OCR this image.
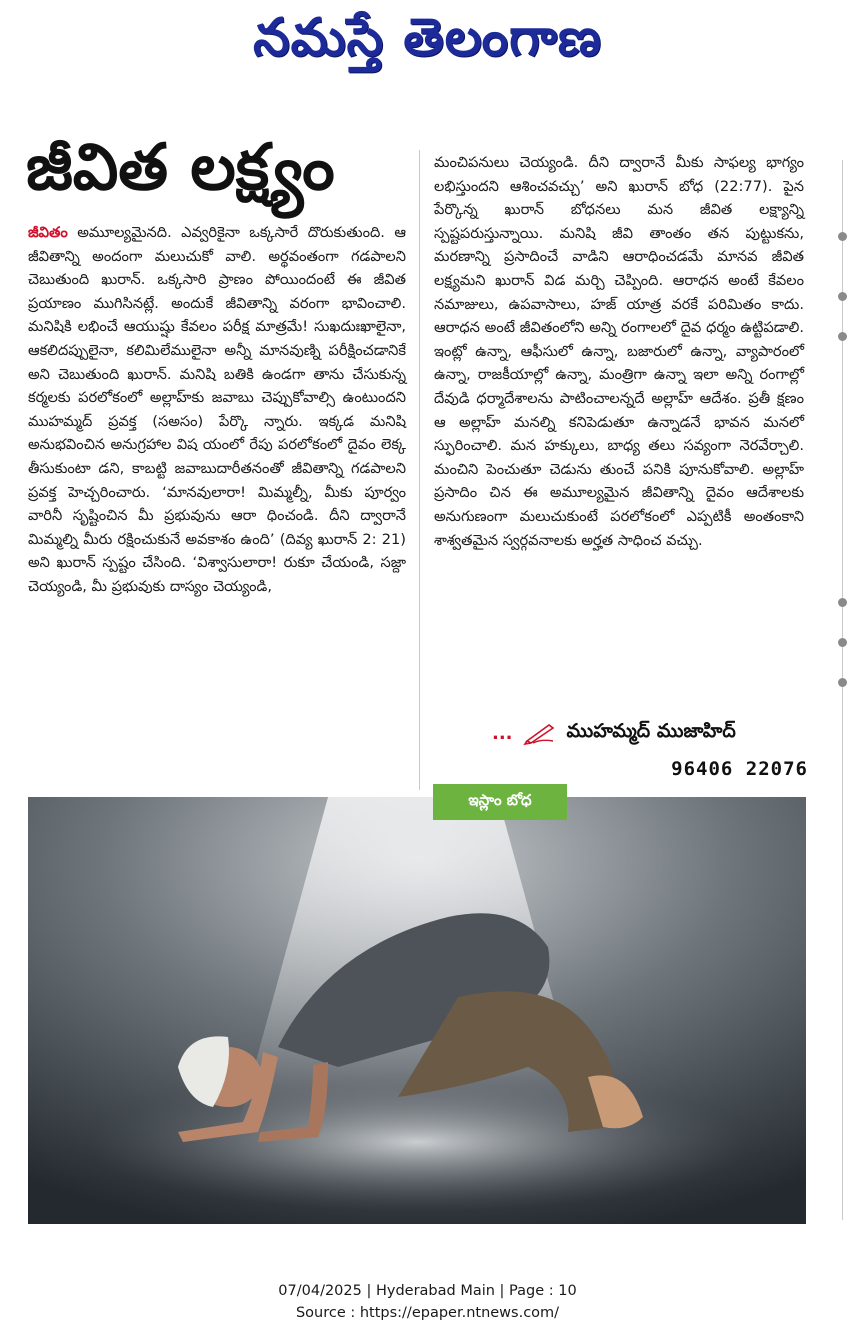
నమస్తే తెలంగాణ
జీవిత లక్ష్యం

జీవితం అమూల్యమైనది. ఎవ్వరికైనా ఒక్కసారే దొరుకుతుంది. ఆ జీవితాన్ని అందంగా మలుచుకో వాలి. అర్థవంతంగా గడపాలని చెబుతుంది ఖురాన్. ఒక్కసారి ప్రాణం పోయిందంటే ఈ జీవిత ప్రయాణం ముగిసినట్లే. అందుకే జీవితాన్ని వరంగా భావించాలి. మనిషికి లభించే ఆయుష్షు కేవలం పరీక్ష మాత్రమే! సుఖదుఃఖాలైనా, ఆకలిదప్పులైనా, కలిమిలేములైనా అన్నీ మానవుణ్ని పరీక్షించడానికే అని చెబుతుంది ఖురాన్. మనిషి బతికి ఉండగా తాను చేసుకున్న కర్మలకు పరలోకంలో అల్లాహ్‌కు జవాబు చెప్పుకోవాల్సి ఉంటుందని ముహమ్మద్ ప్రవక్త (సఅసం) పేర్కొ న్నారు. ఇక్కడ మనిషి అనుభవించిన అనుగ్రహాల విష యంలో రేపు పరలోకంలో దైవం లెక్క తీసుకుంటా డని, కాబట్టి జవాబుదారీతనంతో జీవితాన్ని గడపాలని ప్రవక్త హెచ్చరించారు. ‘మానవులారా! మిమ్మల్నీ, మీకు పూర్వం వారినీ సృష్టించిన మీ ప్రభువును ఆరా ధించండి. దీని ద్వారానే మిమ్మల్ని మీరు రక్షించుకునే అవకాశం ఉంది’ (దివ్య ఖురాన్ 2: 21) అని ఖురాన్ స్పష్టం చేసింది. ‘విశ్వాసులారా! రుకూ చేయండి, సజ్దా చెయ్యండి, మీ ప్రభువుకు దాస్యం చెయ్యండి,

మంచిపనులు చెయ్యండి. దీని ద్వారానే మీకు సాఫల్య భాగ్యం లభిస్తుందని ఆశించవచ్చు’ అని ఖురాన్ బోధ (22:77). పైన పేర్కొన్న ఖురాన్ బోధనలు మన జీవిత లక్ష్యాన్ని స్పష్టపరుస్తున్నాయి. మనిషి జీవి తాంతం తన పుట్టుకను, మరణాన్ని ప్రసాదించే వాడిని ఆరాధించడమే మానవ జీవిత లక్ష్యమని ఖురాన్ విడ మర్చి చెప్పింది. ఆరాధన అంటే కేవలం నమాజులు, ఉపవాసాలు, హజ్ యాత్ర వరకే పరిమితం కాదు. ఆరాధన అంటే జీవితంలోని అన్ని రంగాలలో దైవ ధర్మం ఉట్టిపడాలి. ఇంట్లో ఉన్నా, ఆఫీసులో ఉన్నా, బజారులో ఉన్నా, వ్యాపారంలో ఉన్నా, రాజకీయాల్లో ఉన్నా, మంత్రిగా ఉన్నా ఇలా అన్ని రంగాల్లో దేవుడి ధర్మాదేశాలను పాటించాలన్నదే అల్లాహ్ ఆదేశం. ప్రతీ క్షణం ఆ అల్లాహ్ మనల్ని కనిపెడుతూ ఉన్నాడనే భావన మనలో స్ఫురించాలి. మన హక్కులు, బాధ్య తలు సవ్యంగా నెరవేర్చాలి. మంచిని పెంచుతూ చెడును తుంచే పనికి పూనుకోవాలి. అల్లాహ్ ప్రసాదిం చిన ఈ అమూల్యమైన జీవితాన్ని దైవం ఆదేశాలకు అనుగుణంగా మలుచుకుంటే పరలోకంలో ఎప్పటికీ అంతంకాని శాశ్వతమైన స్వర్గవనాలకు అర్హత సాధించ వచ్చు.

...	ముహమ్మద్ ముజాహిద్
96406 22076
ఇస్లాం బోధ
07/04/2025 | Hyderabad Main | Page : 10
Source : https://epaper.ntnews.com/
